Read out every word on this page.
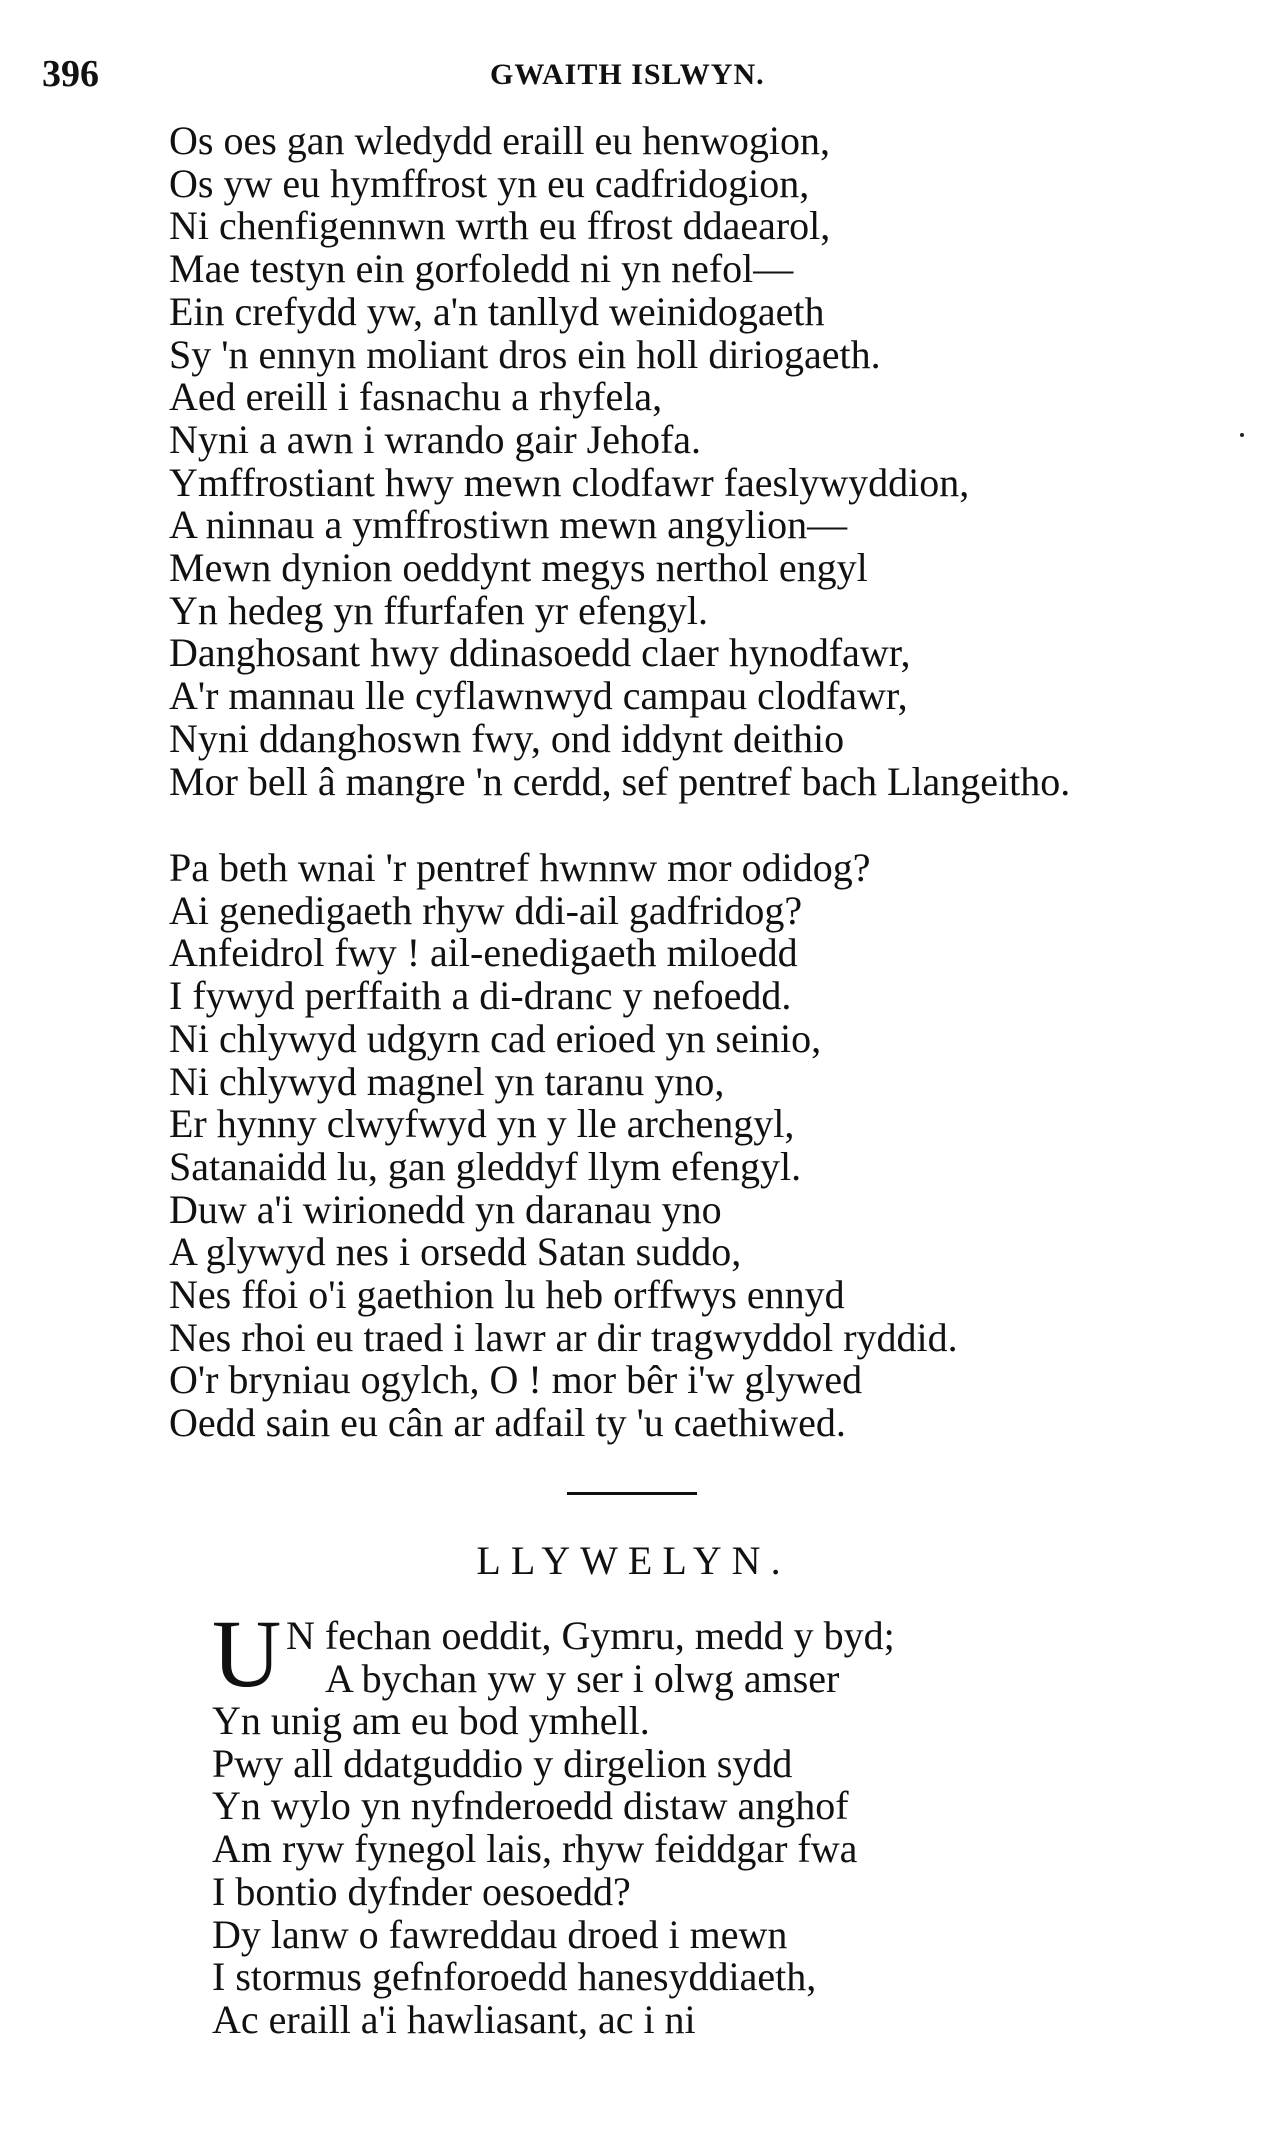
396	GWAITH ISLWYN.
Os oes gan wledydd eraill eu henwogion,
Os yw eu hymffrost yn eu cadfridogion,
Ni chenfigennwn wrth eu ffrost ddaearol,
Mae testyn ein gorfoledd ni yn nefol—
Ein crefydd yw, a'n tanllyd weinidogaeth
Sy 'n ennyn moliant dros ein holl diriogaeth.
Aed ereill i fasnachu a rhyfela,
Nyni a awn i wrando gair Jehofa.
Ymffrostiant hwy mewn clodfawr faeslywyddion,
A ninnau a ymffrostiwn mewn angylion—
Mewn dynion oeddynt megys nerthol engyl
Yn hedeg yn ffurfafen yr efengyl.
Danghosant hwy ddinasoedd claer hynodfawr,
A'r mannau lle cyflawnwyd campau clodfawr,
Nyni ddanghoswn fwy, ond iddynt deithio
Mor bell â mangre 'n cerdd, sef pentref bach Llangeitho.
Pa beth wnai 'r pentref hwnnw mor odidog?
Ai genedigaeth rhyw ddi-ail gadfridog?
Anfeidrol fwy ! ail-enedigaeth miloedd
I fywyd perffaith a di-dranc y nefoedd.
Ni chlywyd udgyrn cad erioed yn seinio,
Ni chlywyd magnel yn taranu yno,
Er hynny clwyfwyd yn y lle archengyl,
Satanaidd lu, gan gleddyf llym efengyl.
Duw a'i wirionedd yn daranau yno
A glywyd nes i orsedd Satan suddo,
Nes ffoi o'i gaethion lu heb orffwys ennyd
Nes rhoi eu traed i lawr ar dir tragwyddol ryddid.
O'r bryniau ogylch, O ! mor bêr i'w glywed
Oedd sain eu cân ar adfail ty 'u caethiwed.
LLYWELYN.
U N fechan oeddit, Gymru, medd y byd;
A bychan yw y ser i olwg amser
Yn unig am eu bod ymhell.
Pwy all ddatguddio y dirgelion sydd
Yn wylo yn nyfnderoedd distaw anghof
Am ryw fynegol lais, rhyw feiddgar fwa
I bontio dyfnder oesoedd?
Dy lanw o fawreddau droed i mewn
I stormus gefnforoedd hanesyddiaeth,
Ac eraill a'i hawliasant, ac i ni
